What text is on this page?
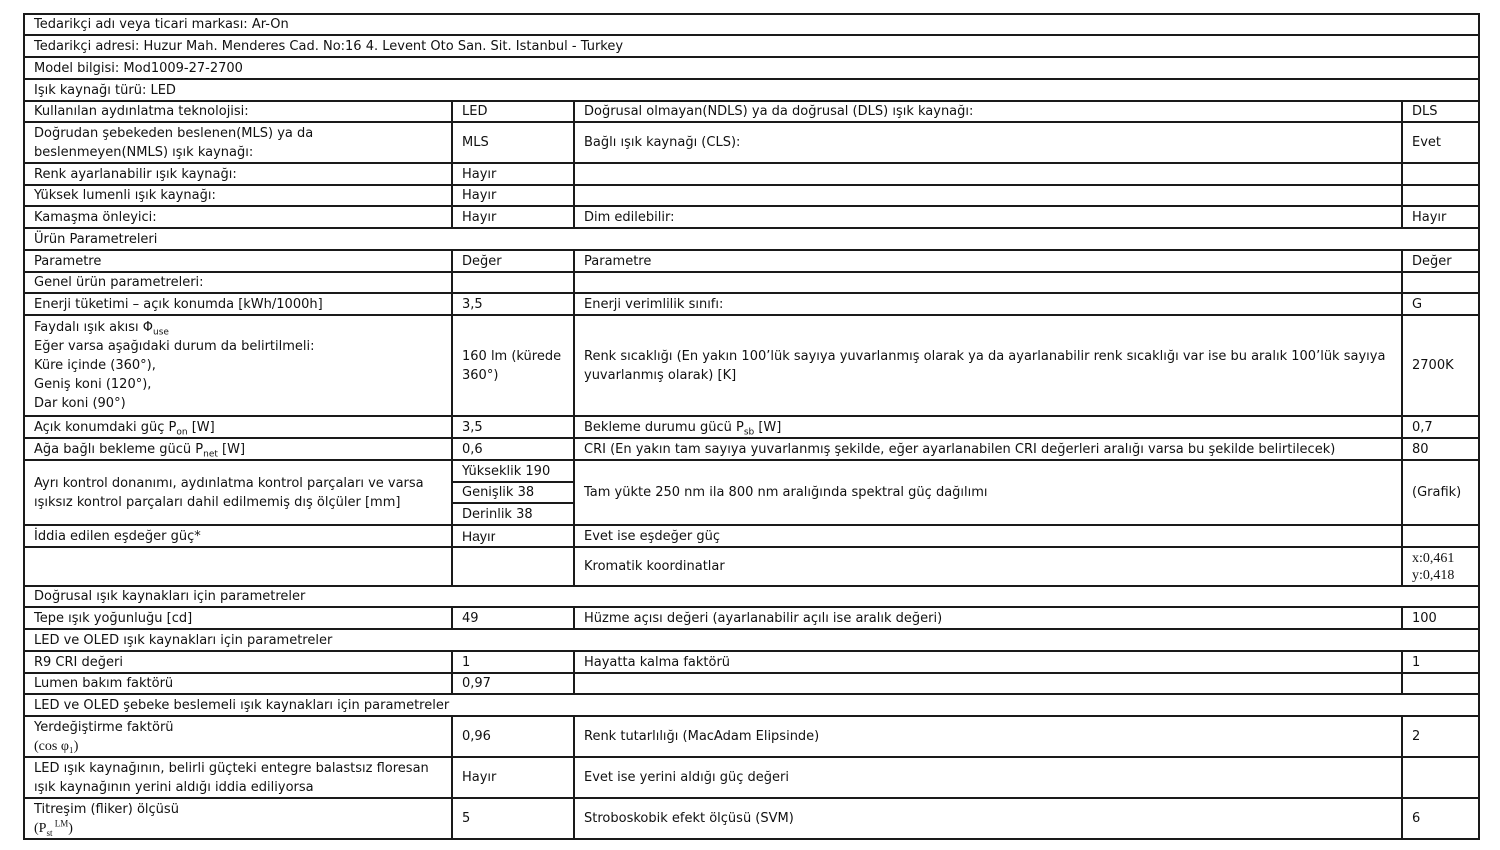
Tedarikçi adı veya ticari markası: Ar-On			
Tedarikçi adresi: Huzur Mah. Menderes Cad. No:16 4. Levent Oto San. Sit. Istanbul - Turkey			
Model bilgisi: Mod1009-27-2700			
Işık kaynağı türü: LED			
Kullanılan aydınlatma teknolojisi:	LED	Doğrusal olmayan(NDLS) ya da doğrusal (DLS) ışık kaynağı:	DLS
Doğrudan şebekeden beslenen(MLS) ya da beslenmeyen(NMLS) ışık kaynağı:	MLS	Bağlı ışık kaynağı (CLS):	Evet
Renk ayarlanabilir ışık kaynağı:	Hayır		
Yüksek lumenli ışık kaynağı:	Hayır		
Kamaşma önleyici:	Hayır	Dim edilebilir:	Hayır
Ürün Parametreleri			
Parametre	Değer	Parametre	Değer
Genel ürün parametreleri:			
Enerji tüketimi – açık konumda [kWh/1000h]	3,5	Enerji verimlilik sınıfı:	G

Faydalı ışık akısı $\Phi_{use}$
Eğer varsa aşağıdaki durum da belirtilmeli:
Küre içinde (360°),
Geniş koni (120°),
Dar koni (90°)	160 lm (kürede 360°)	Renk sıcaklığı (En yakın 100’lük sayıya yuvarlanmış olarak ya da ayarlanabilir renk sıcaklığı var ise bu aralık 100’lük sayıya yuvarlanmış olarak) [K]	2700K
Açık konumdaki güç $P_{on}$ [W]	3,5	Bekleme durumu gücü $P_{sb}$ [W]	0,7
Ağa bağlı bekleme gücü $P_{net}$ [W]	0,6	CRI (En yakın tam sayıya yuvarlanmış şekilde, eğer ayarlanabilen CRI değerleri aralığı varsa bu şekilde belirtilecek)	80
Ayrı kontrol donanımı, aydınlatma kontrol parçaları ve varsa ışıksız kontrol parçaları dahil edilmemiş dış ölçüler [mm]	Yükseklik 190	Tam yükte 250 nm ila 800 nm aralığında spektral güç dağılımı	(Grafik)
	Genişlik 38		
	Derinlik 38		
İddia edilen eşdeğer güç*	Hayır	Evet ise eşdeğer güç	
		Kromatik koordinatlar	x:0,461
y:0,418

Doğrusal ışık kaynakları için parametreler			
Tepe ışık yoğunluğu [cd]	49	Hüzme açısı değeri (ayarlanabilir açılı ise aralık değeri)	100
LED ve OLED ışık kaynakları için parametreler			
R9 CRI değeri	1	Hayatta kalma faktörü	1
Lumen bakım faktörü	0,97		
LED ve OLED şebeke beslemeli ışık kaynakları için parametreler			

Yerdeğiştirme faktörü
(cos φ₁)	0,96	Renk tutarlılığı (MacAdam Elipsinde)	2
LED ışık kaynağının, belirli güçteki entegre balastsız floresan ışık kaynağının yerini aldığı iddia ediliyorsa	Hayır	Evet ise yerini aldığı güç değeri	

Titreşim (fliker) ölçüsü
($P_{st}$ $^{LM}$)	5	Stroboskobik efekt ölçüsü (SVM)	6
